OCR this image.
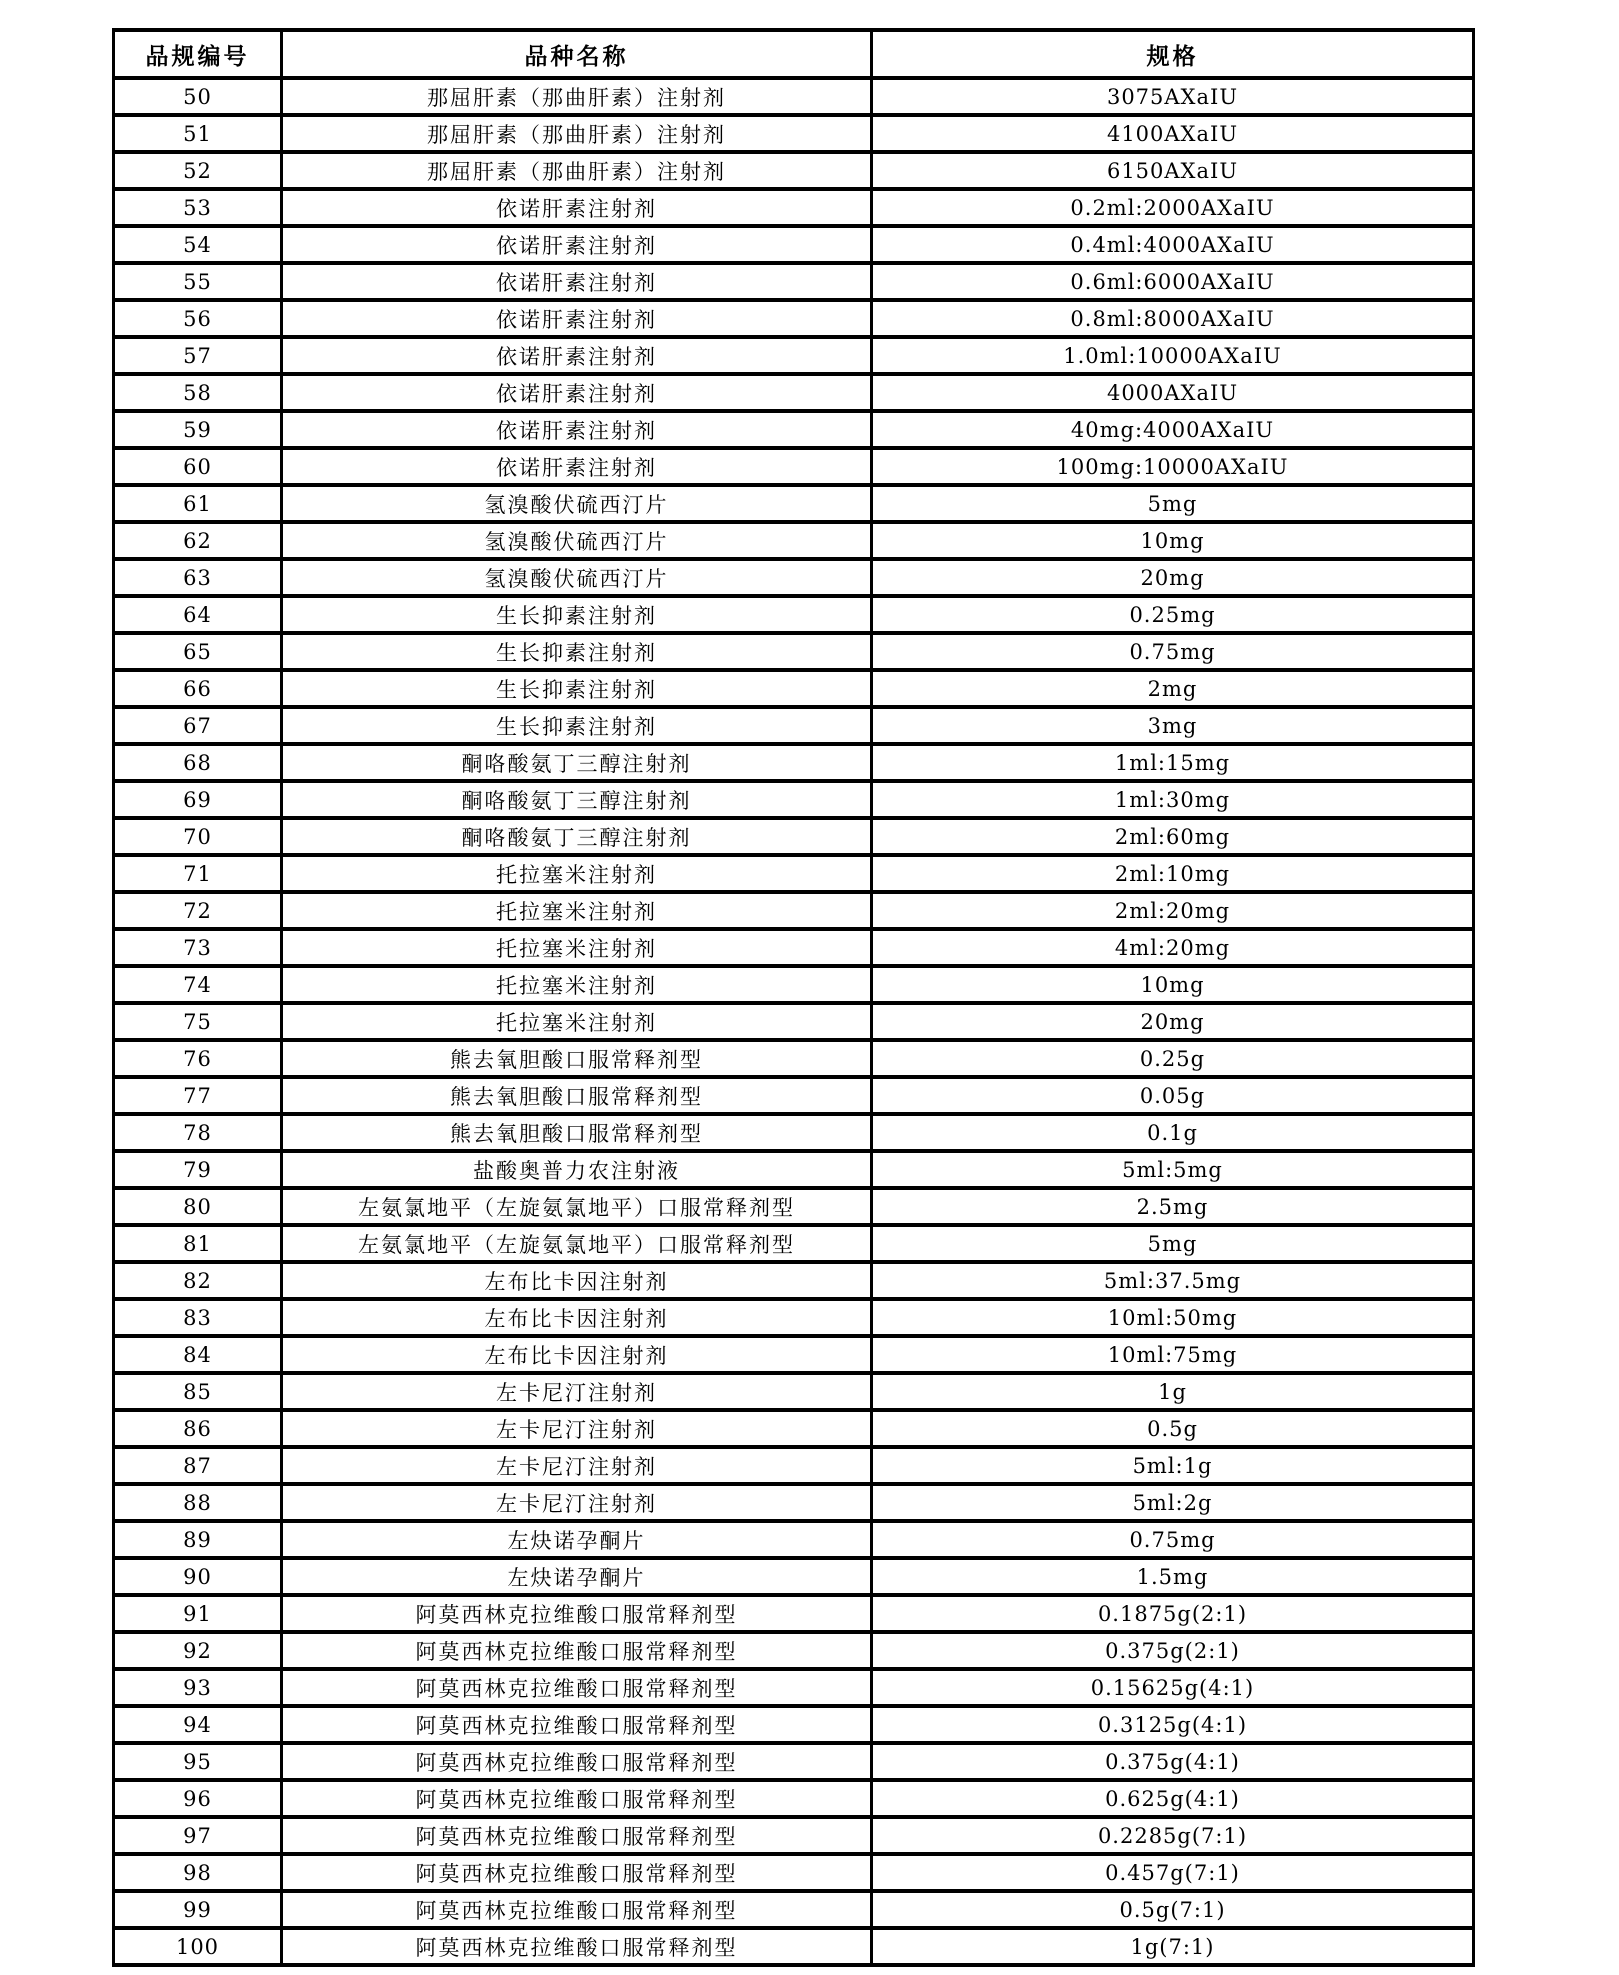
品规编号	品种名称	规格
50	那屈肝素（那曲肝素）注射剂	3075AXaIU
51	那屈肝素（那曲肝素）注射剂	4100AXaIU
52	那屈肝素（那曲肝素）注射剂	6150AXaIU
53	依诺肝素注射剂	0.2ml:2000AXaIU
54	依诺肝素注射剂	0.4ml:4000AXaIU
55	依诺肝素注射剂	0.6ml:6000AXaIU
56	依诺肝素注射剂	0.8ml:8000AXaIU
57	依诺肝素注射剂	1.0ml:10000AXaIU
58	依诺肝素注射剂	4000AXaIU
59	依诺肝素注射剂	40mg:4000AXaIU
60	依诺肝素注射剂	100mg:10000AXaIU
61	氢溴酸伏硫西汀片	5mg
62	氢溴酸伏硫西汀片	10mg
63	氢溴酸伏硫西汀片	20mg
64	生长抑素注射剂	0.25mg
65	生长抑素注射剂	0.75mg
66	生长抑素注射剂	2mg
67	生长抑素注射剂	3mg
68	酮咯酸氨丁三醇注射剂	1ml:15mg
69	酮咯酸氨丁三醇注射剂	1ml:30mg
70	酮咯酸氨丁三醇注射剂	2ml:60mg
71	托拉塞米注射剂	2ml:10mg
72	托拉塞米注射剂	2ml:20mg
73	托拉塞米注射剂	4ml:20mg
74	托拉塞米注射剂	10mg
75	托拉塞米注射剂	20mg
76	熊去氧胆酸口服常释剂型	0.25g
77	熊去氧胆酸口服常释剂型	0.05g
78	熊去氧胆酸口服常释剂型	0.1g
79	盐酸奥普力农注射液	5ml:5mg
80	左氨氯地平（左旋氨氯地平）口服常释剂型	2.5mg
81	左氨氯地平（左旋氨氯地平）口服常释剂型	5mg
82	左布比卡因注射剂	5ml:37.5mg
83	左布比卡因注射剂	10ml:50mg
84	左布比卡因注射剂	10ml:75mg
85	左卡尼汀注射剂	1g
86	左卡尼汀注射剂	0.5g
87	左卡尼汀注射剂	5ml:1g
88	左卡尼汀注射剂	5ml:2g
89	左炔诺孕酮片	0.75mg
90	左炔诺孕酮片	1.5mg
91	阿莫西林克拉维酸口服常释剂型	0.1875g(2:1)
92	阿莫西林克拉维酸口服常释剂型	0.375g(2:1)
93	阿莫西林克拉维酸口服常释剂型	0.15625g(4:1)
94	阿莫西林克拉维酸口服常释剂型	0.3125g(4:1)
95	阿莫西林克拉维酸口服常释剂型	0.375g(4:1)
96	阿莫西林克拉维酸口服常释剂型	0.625g(4:1)
97	阿莫西林克拉维酸口服常释剂型	0.2285g(7:1)
98	阿莫西林克拉维酸口服常释剂型	0.457g(7:1)
99	阿莫西林克拉维酸口服常释剂型	0.5g(7:1)
100	阿莫西林克拉维酸口服常释剂型	1g(7:1)
